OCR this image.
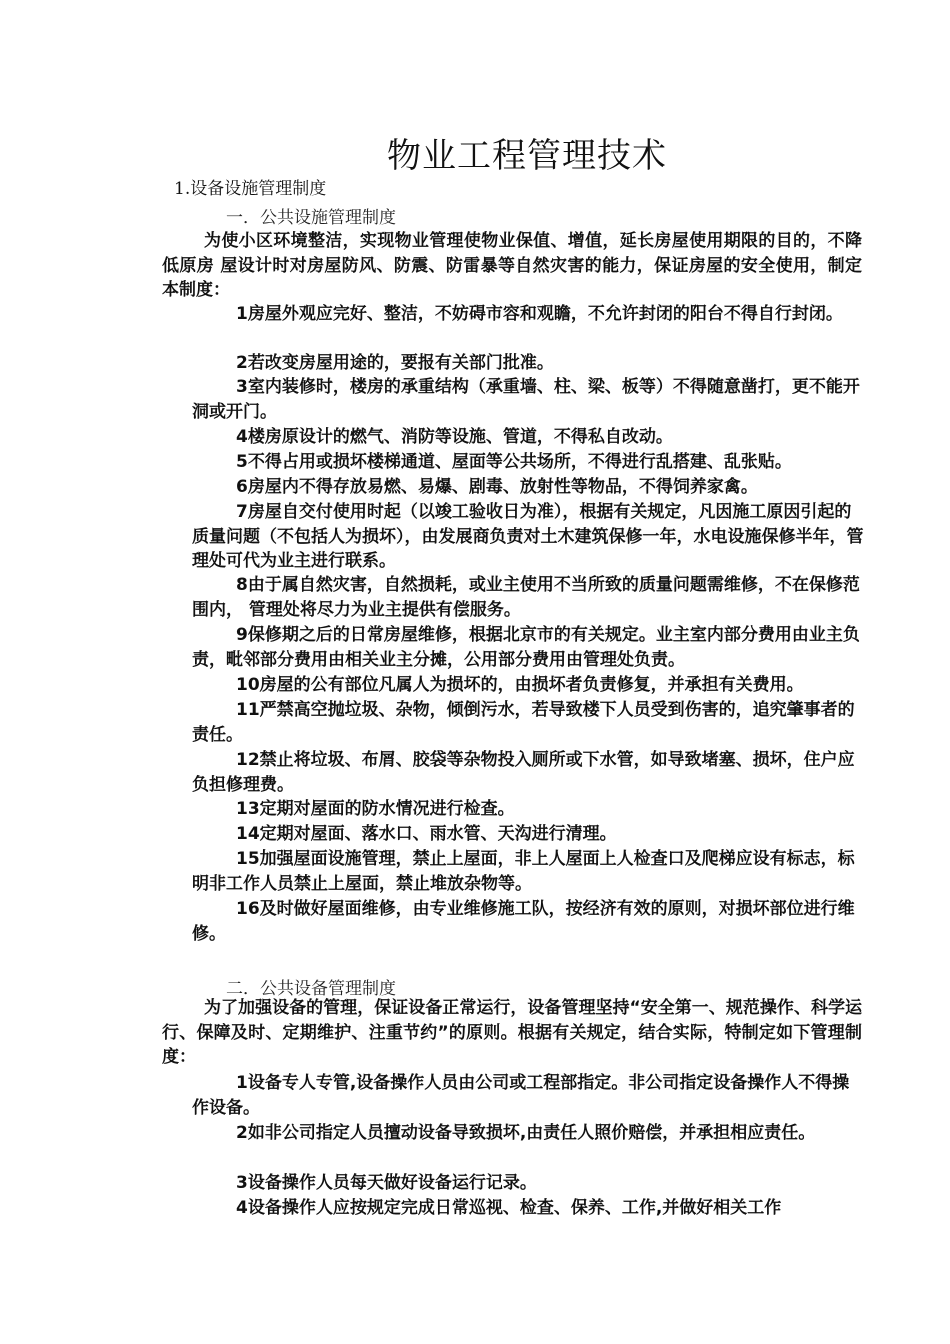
物业工程管理技术
1.设备设施管理制度
一．公共设施管理制度
为使小区环境整洁，实现物业管理使物业保值、增值，延长房屋使用期限的目的，不降低原房 屋设计时对房屋防风、防震、防雷暴等自然灾害的能力，保证房屋的安全使用，制定本制度：
1房屋外观应完好、整洁，不妨碍市容和观瞻，不允许封闭的阳台不得自行封闭。
2若改变房屋用途的，要报有关部门批准。
3室内装修时，楼房的承重结构（承重墙、柱、梁、板等）不得随意凿打，更不能开洞或开门。
4楼房原设计的燃气、消防等设施、管道，不得私自改动。
5不得占用或损坏楼梯通道、屋面等公共场所，不得进行乱搭建、乱张贴。
6房屋内不得存放易燃、易爆、剧毒、放射性等物品，不得饲养家禽。
7房屋自交付使用时起（以竣工验收日为准），根据有关规定，凡因施工原因引起的质量问题（不包括人为损坏），由发展商负责对土木建筑保修一年，水电设施保修半年，管理处可代为业主进行联系。
8由于属自然灾害，自然损耗，或业主使用不当所致的质量问题需维修，不在保修范围内， 管理处将尽力为业主提供有偿服务。
9保修期之后的日常房屋维修，根据北京市的有关规定。业主室内部分费用由业主负责，毗邻部分费用由相关业主分摊，公用部分费用由管理处负责。
10房屋的公有部位凡属人为损坏的，由损坏者负责修复，并承担有关费用。
11严禁高空抛垃圾、杂物，倾倒污水，若导致楼下人员受到伤害的，追究肇事者的责任。
12禁止将垃圾、布屑、胶袋等杂物投入厕所或下水管，如导致堵塞、损坏，住户应负担修理费。
13定期对屋面的防水情况进行检查。
14定期对屋面、落水口、雨水管、天沟进行清理。
15加强屋面设施管理，禁止上屋面，非上人屋面上人检查口及爬梯应设有标志，标明非工作人员禁止上屋面，禁止堆放杂物等。
16及时做好屋面维修，由专业维修施工队，按经济有效的原则，对损坏部位进行维修。
二．公共设备管理制度
为了加强设备的管理，保证设备正常运行，设备管理坚持“安全第一、规范操作、科学运行、保障及时、定期维护、注重节约”的原则。根据有关规定，结合实际，特制定如下管理制度：
1设备专人专管,设备操作人员由公司或工程部指定。非公司指定设备操作人不得操作设备。
2如非公司指定人员擅动设备导致损坏,由责任人照价赔偿，并承担相应责任。
3设备操作人员每天做好设备运行记录。
4设备操作人应按规定完成日常巡视、检查、保养、工作,并做好相关工作
